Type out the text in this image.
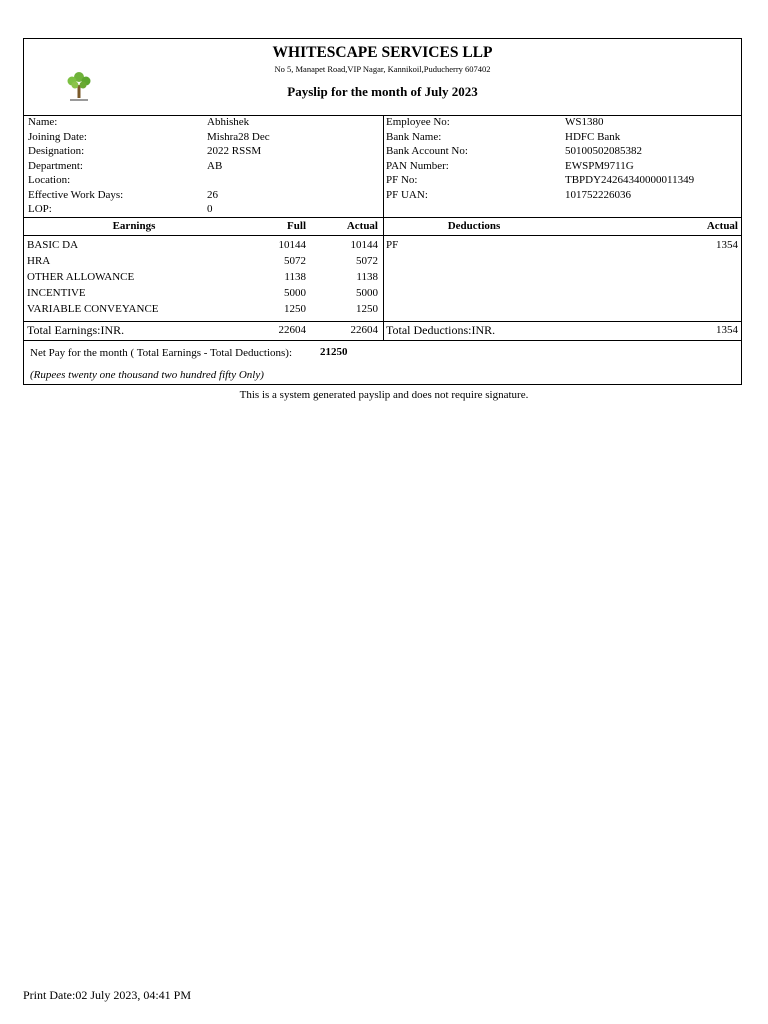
WHITESCAPE SERVICES LLP
No 5, Manapet Road,VIP Nagar, Kannikoil,Puducherry 607402
Payslip for the month of July 2023
Name:	Abhishek
Joining Date:	Mishra28 Dec
Designation:	2022 RSSM
Department:	AB
Location:
Effective Work Days:	26
LOP:	0
Employee No:	WS1380
Bank Name:	HDFC Bank
Bank Account No:	50100502085382
PAN Number:	EWSPM9711G
PF No:	TBPDY24264340000011349
PF UAN:	101752226036
Earnings	Full	Actual	Deductions	Actual
BASIC DA	10144	10144
HRA	5072	5072
OTHER ALLOWANCE	1138	1138
INCENTIVE	5000	5000
VARIABLE CONVEYANCE	1250	1250
PF	1354
Total Earnings:INR.	22604	22604 Total Deductions:INR.	1354
Net Pay for the month ( Total Earnings - Total Deductions):	21250
(Rupees twenty one thousand two hundred fifty Only)
This is a system generated payslip and does not require signature.
Print Date:02 July 2023, 04:41 PM
